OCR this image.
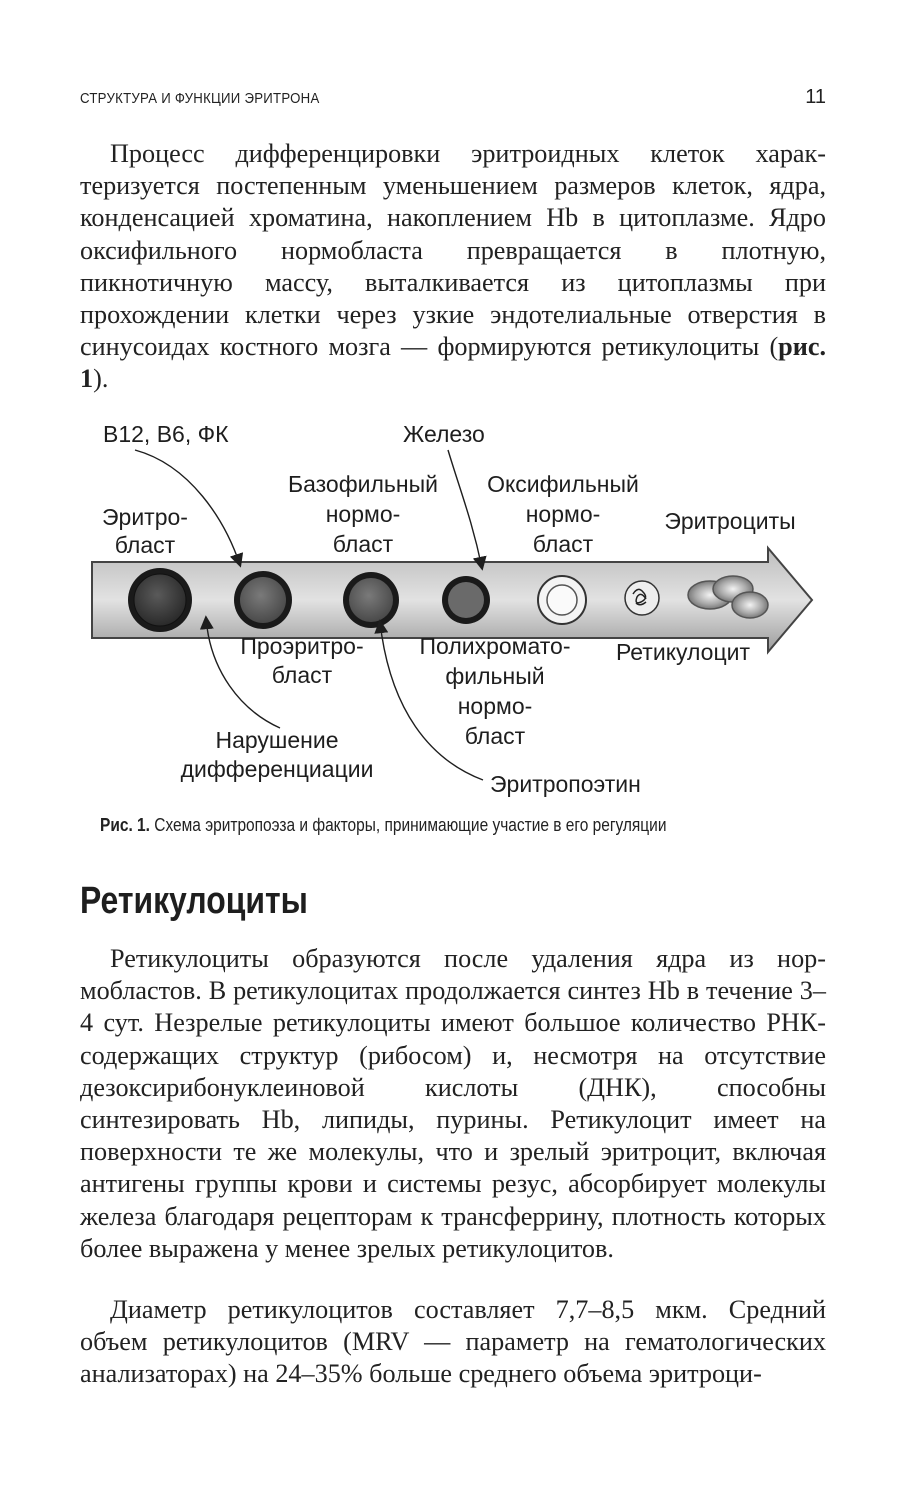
СТРУКТУРА И ФУНКЦИИ ЭРИТРОНА	11

Процесс дифференцировки эритроидных клеток характеризуется постепенным уменьшением размеров клеток, ядра, конденсацией хроматина, накоплением Hb в цитоплазме. Ядро оксифильного нормобласта превращается в плотную, пикнотичную массу, выталкивается из цитоплазмы при прохождении клетки через узкие эндотелиальные отверстия в синусоидах костного мозга — формируются ретикулоциты (рис. 1).

B12, B6, ФК	Железо
Нарушение
дифференциации
Эритропоэтин
Эритро-
бласт
Базофильный
нормо-
бласт
Оксифильный
нормо-
бласт
Эритроциты
Проэритро-
бласт
Полихромато-
фильный
нормо-
бласт
Ретикулоцит
Рис. 1. Схема эритропоэза и факторы, принимающие участие в его регуляции
Ретикулоциты

Ретикулоциты образуются после удаления ядра из нормобластов. В ретикулоцитах продолжается синтез Hb в течение 3–4 сут. Незрелые ретикулоциты имеют большое количество РНК-содержащих структур (рибосом) и, несмотря на отсутствие дезоксирибонуклеиновой кислоты (ДНК), способны синтезировать Hb, липиды, пурины. Ретикулоцит имеет на поверхности те же молекулы, что и зрелый эритроцит, включая антигены группы крови и системы резус, абсорбирует молекулы железа благодаря рецепторам к трансферрину, плотность которых более выражена у менее зрелых ретикулоцитов.

Диаметр ретикулоцитов составляет 7,7–8,5 мкм. Средний объем ретикулоцитов (MRV — параметр на гематологических анализаторах) на 24–35% больше среднего объема эритроци-
